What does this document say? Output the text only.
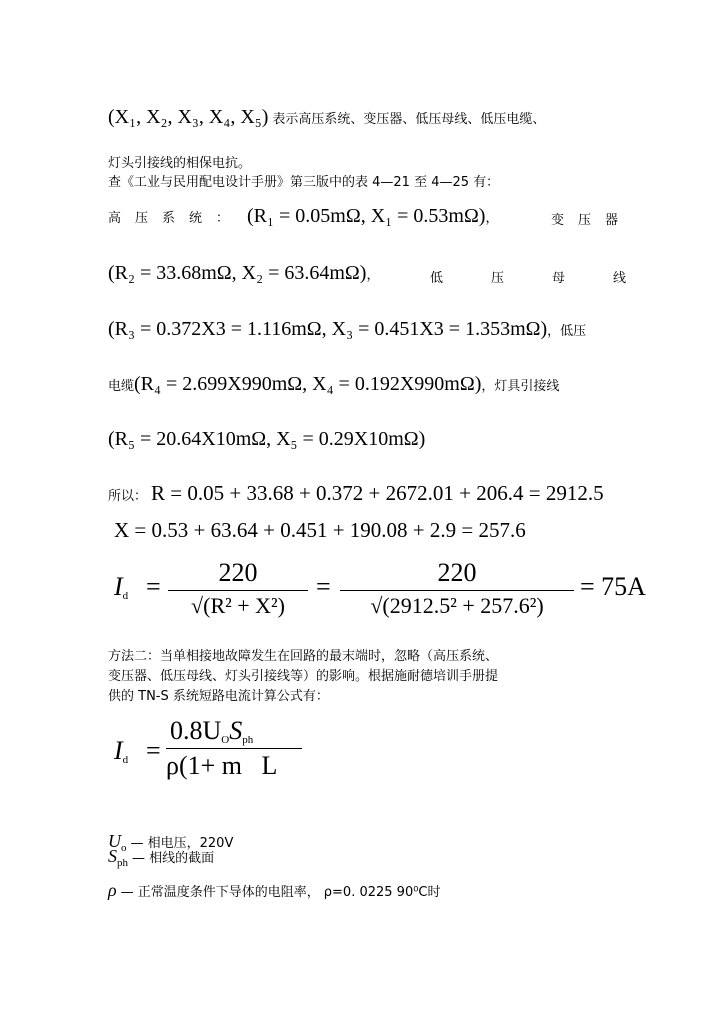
(X₁, X₂, X₃, X₄, X₅) 表示高压系统、变压器、低压母线、低压电缆、
灯头引接线的相保电抗。
查《工业与民用配电设计手册》第三版中的表 4—21 至 4—25 有：
高压系统： (R₁ = 0.05mΩ, X₁ = 0.53mΩ)，	变压器
(R₂ = 33.68mΩ, X₂ = 63.64mΩ)，	低压母线
(R₃ = 0.372X3 = 1.116mΩ, X₃ = 0.451X3 = 1.353mΩ)，低压
电缆(R₄ = 2.699X990mΩ, X₄ = 0.192X990mΩ)，灯具引接线
(R₅ = 20.64X10mΩ, X₅ = 0.29X10mΩ)
所以： R = 0.05 + 33.68 + 0.372 + 2672.01 + 206.4 = 2912.5
X = 0.53 + 63.64 + 0.451 + 190.08 + 2.9 = 257.6
$I_d$ =	220
√(R² + X²)
=	220
√(2912.5² + 257.6²)
= 75A
方法二：当单相接地故障发生在回路的最末端时，忽略（高压系统、
变压器、低压母线、灯头引接线等）的影响。根据施耐德培训手册提
供的 TN-S 系统短路电流计算公式有：
$I_d$ =
$0.8U_OS_{ph}$
ρ(1+ m   L
$U_o$ — 相电压，220V
$S_{ph}$ — 相线的截面
ρ — 正常温度条件下导体的电阻率， ρ=0. 0225 90⁰C时
